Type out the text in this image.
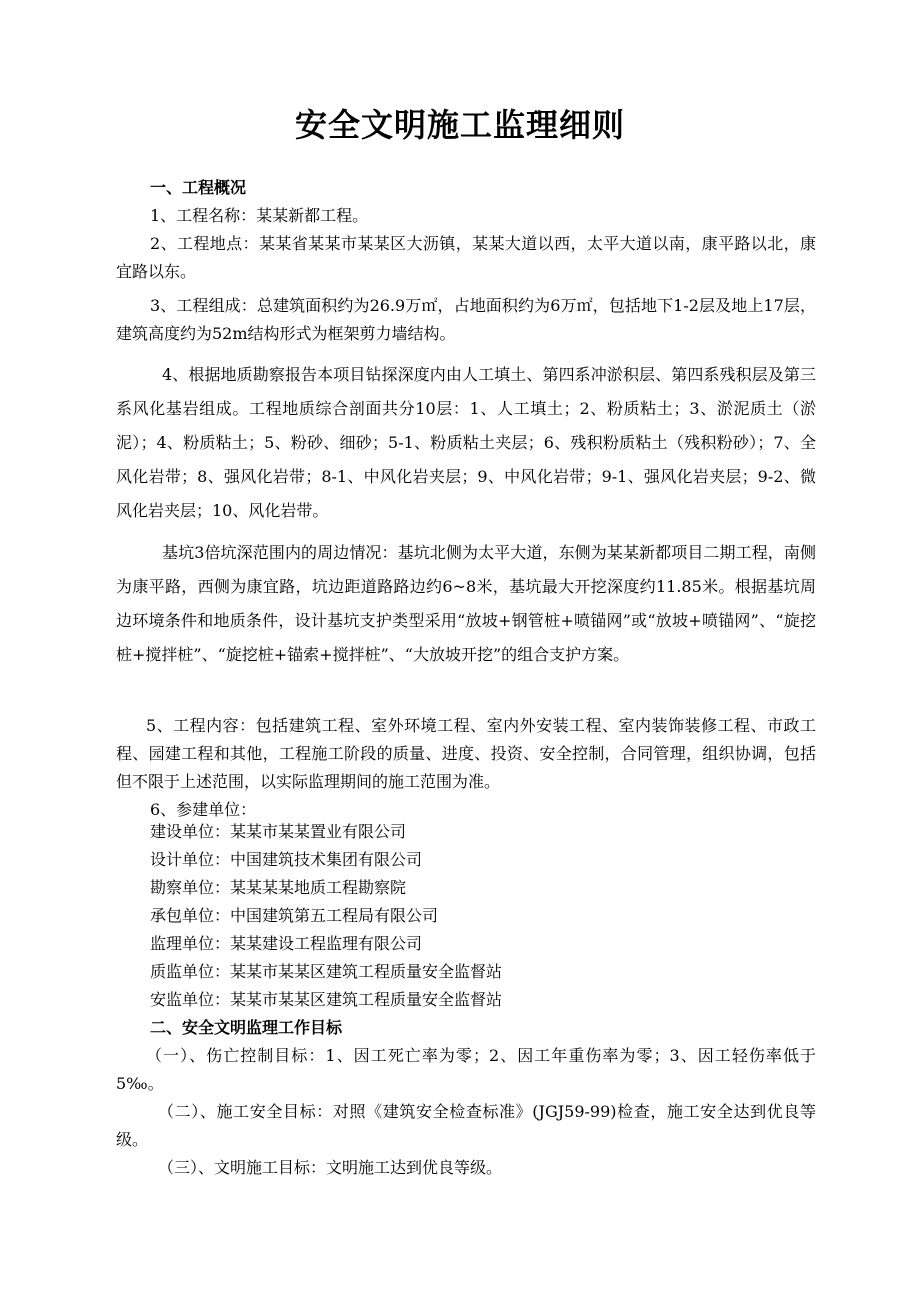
安全文明施工监理细则

一、工程概况

1、工程名称：某某新都工程。

2、工程地点：某某省某某市某某区大沥镇，某某大道以西，太平大道以南，康平路以北，康宜路以东。

3、工程组成：总建筑面积约为26.9万㎡，占地面积约为6万㎡，包括地下1-2层及地上17层，建筑高度约为52m结构形式为框架剪力墙结构。

4、根据地质勘察报告本项目钻探深度内由人工填土、第四系冲淤积层、第四系残积层及第三系风化基岩组成。工程地质综合剖面共分10层：1、人工填土；2、粉质粘土；3、淤泥质土（淤泥）；4、粉质粘土；5、粉砂、细砂；5-1、粉质粘土夹层；6、残积粉质粘土（残积粉砂）；7、全风化岩带；8、强风化岩带；8-1、中风化岩夹层；9、中风化岩带；9-1、强风化岩夹层；9-2、微风化岩夹层；10、风化岩带。

基坑3倍坑深范围内的周边情况：基坑北侧为太平大道，东侧为某某新都项目二期工程，南侧为康平路，西侧为康宜路，坑边距道路路边约6~8米，基坑最大开挖深度约11.85米。根据基坑周边环境条件和地质条件，设计基坑支护类型采用“放坡+钢管桩+喷锚网”或“放坡+喷锚网”、“旋挖桩+搅拌桩”、“旋挖桩+锚索+搅拌桩”、“大放坡开挖”的组合支护方案。

5、工程内容：包括建筑工程、室外环境工程、室内外安装工程、室内装饰装修工程、市政工程、园建工程和其他，工程施工阶段的质量、进度、投资、安全控制，合同管理，组织协调，包括但不限于上述范围，以实际监理期间的施工范围为准。

6、参建单位：

建设单位：某某市某某置业有限公司

设计单位：中国建筑技术集团有限公司

勘察单位：某某某某地质工程勘察院

承包单位：中国建筑第五工程局有限公司

监理单位：某某建设工程监理有限公司

质监单位：某某市某某区建筑工程质量安全监督站

安监单位：某某市某某区建筑工程质量安全监督站

二、安全文明监理工作目标

（一）、伤亡控制目标：1、因工死亡率为零；2、因工年重伤率为零；3、因工轻伤率低于5‰。

（二）、施工安全目标：对照《建筑安全检查标准》(JGJ59-99)检查，施工安全达到优良等级。

（三）、文明施工目标：文明施工达到优良等级。
